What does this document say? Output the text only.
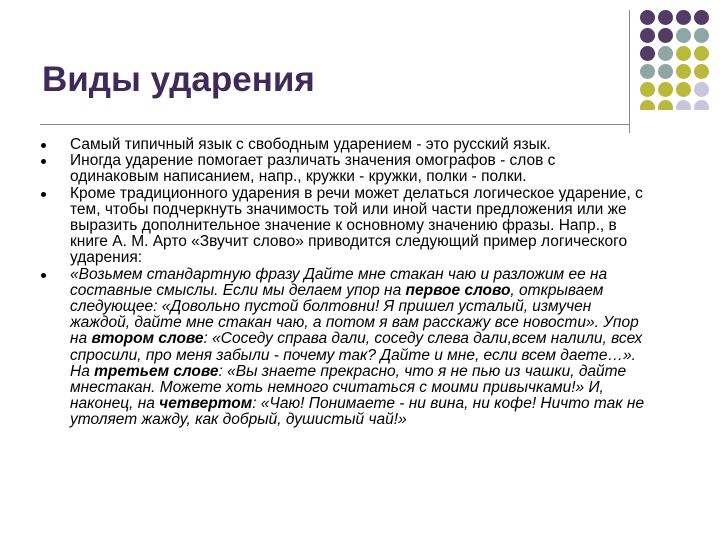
Виды ударения
Самый типичный язык с свободным ударением - это русский язык.
Иногда ударение помогает различать значения омографов - слов с одинаковым написанием, напр., кружки - кружки, полки - полки.
Кроме традиционного ударения в речи может делаться логическое ударение, с тем, чтобы подчеркнуть значимость той или иной части предложения или же выразить дополнительное значение к основному значению фразы. Напр., в книге А. М. Арто «Звучит слово» приводится следующий пример логического ударения:
«Возьмем стандартную фразу Дайте мне стакан чаю и разложим ее на составные смыслы. Если мы делаем упор на первое слово, открываем следующее: «Довольно пустой болтовни! Я пришел усталый, измучен жаждой, дайте мне стакан чаю, а потом я вам расскажу все новости». Упор на втором слове: «Соседу справа дали, соседу слева дали,всем налили, всех спросили, про меня забыли - почему так? Дайте и мне, если всем даете…». На третьем слове: «Вы знаете прекрасно, что я не пью из чашки, дайте мнестакан. Можете хоть немного считаться с моими привычками!» И, наконец, на четвертом: «Чаю! Понимаете - ни вина, ни кофе! Ничто так не утоляет жажду, как добрый, душистый чай!»
